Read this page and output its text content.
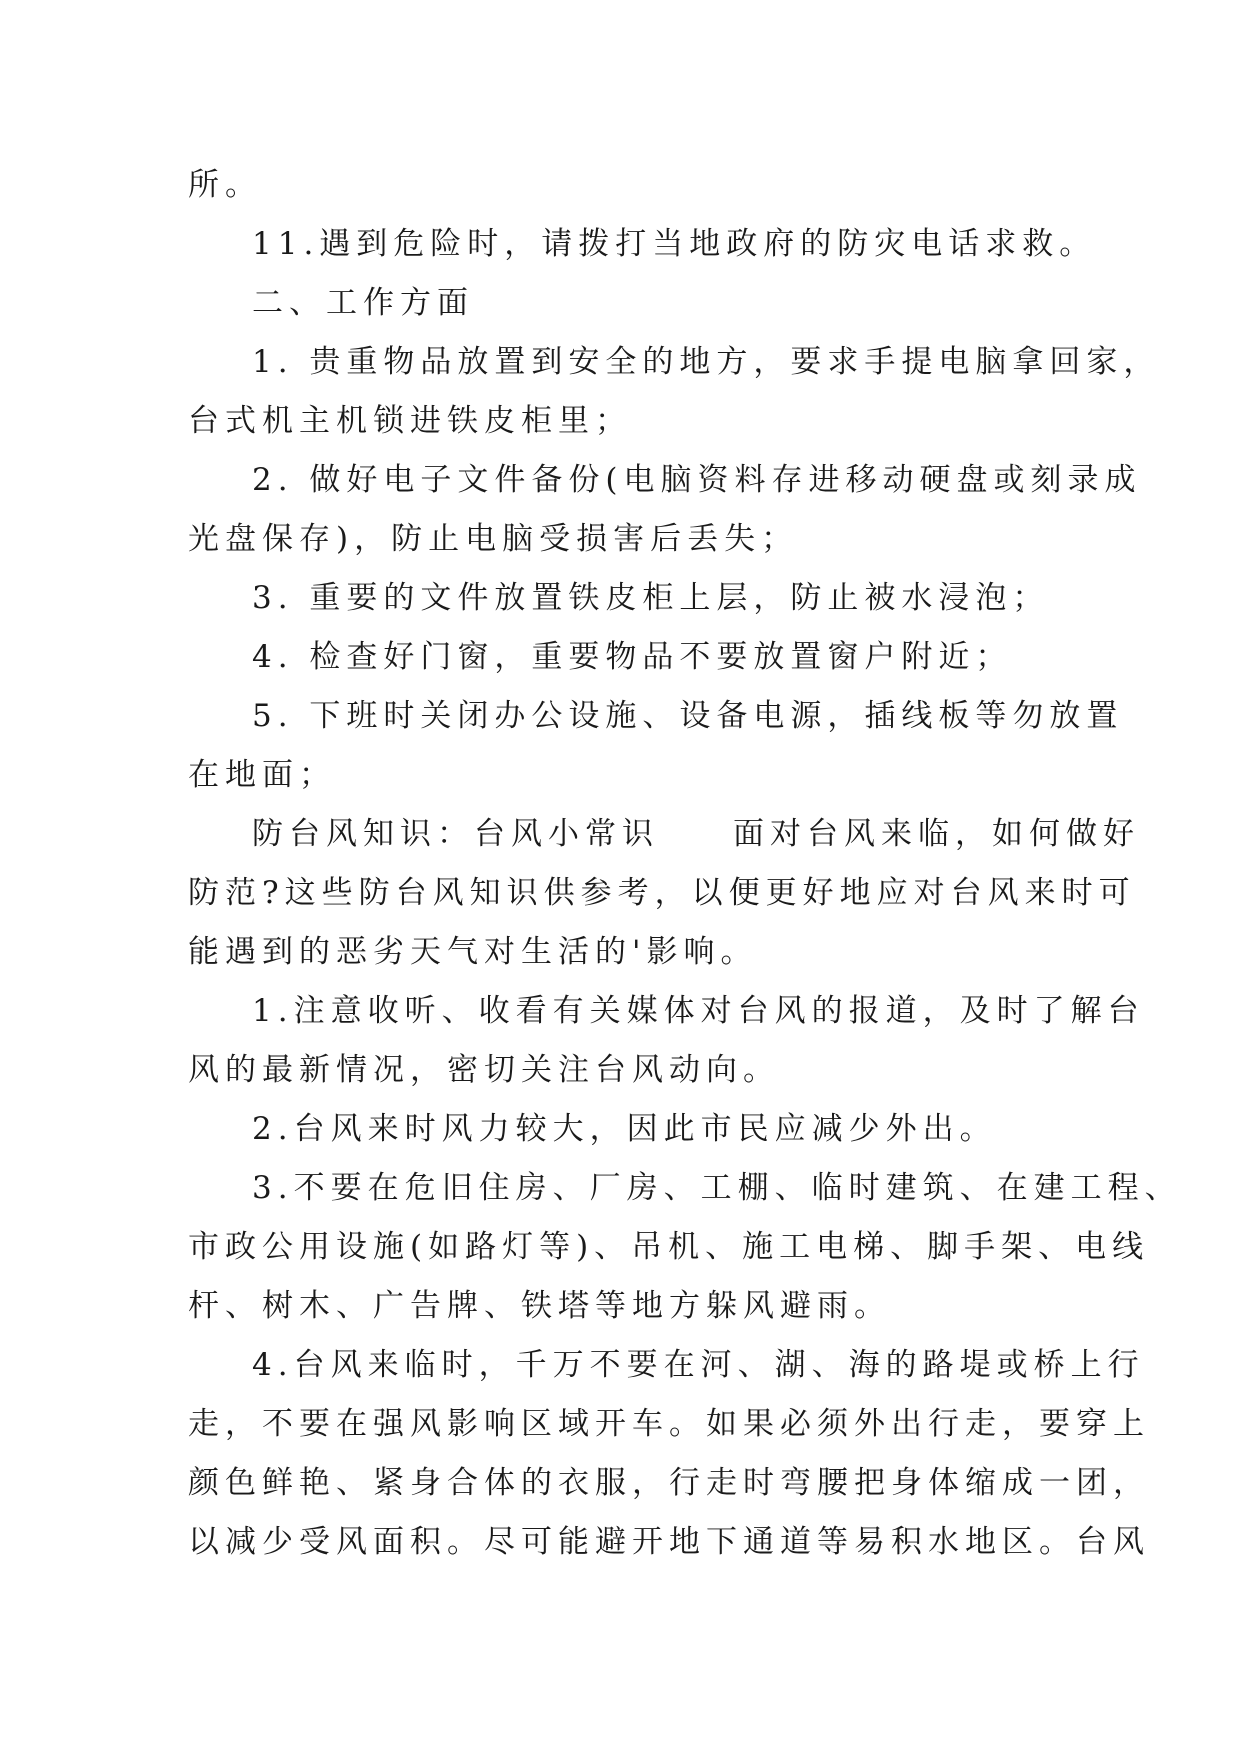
所。
11.遇到危险时，请拨打当地政府的防灾电话求救。
二、工作方面
1. 贵重物品放置到安全的地方，要求手提电脑拿回家，
台式机主机锁进铁皮柜里；
2. 做好电子文件备份(电脑资料存进移动硬盘或刻录成
光盘保存)，防止电脑受损害后丢失；
3. 重要的文件放置铁皮柜上层，防止被水浸泡；
4. 检查好门窗，重要物品不要放置窗户附近；
5. 下班时关闭办公设施、设备电源，插线板等勿放置
在地面；
防台风知识：台风小常识　　面对台风来临，如何做好
防范?这些防台风知识供参考，以便更好地应对台风来时可
能遇到的恶劣天气对生活的'影响。
1.注意收听、收看有关媒体对台风的报道，及时了解台
风的最新情况，密切关注台风动向。
2.台风来时风力较大，因此市民应减少外出。
3.不要在危旧住房、厂房、工棚、临时建筑、在建工程、
市政公用设施(如路灯等)、吊机、施工电梯、脚手架、电线
杆、树木、广告牌、铁塔等地方躲风避雨。
4.台风来临时，千万不要在河、湖、海的路堤或桥上行
走，不要在强风影响区域开车。如果必须外出行走，要穿上
颜色鲜艳、紧身合体的衣服，行走时弯腰把身体缩成一团，
以减少受风面积。尽可能避开地下通道等易积水地区。台风
